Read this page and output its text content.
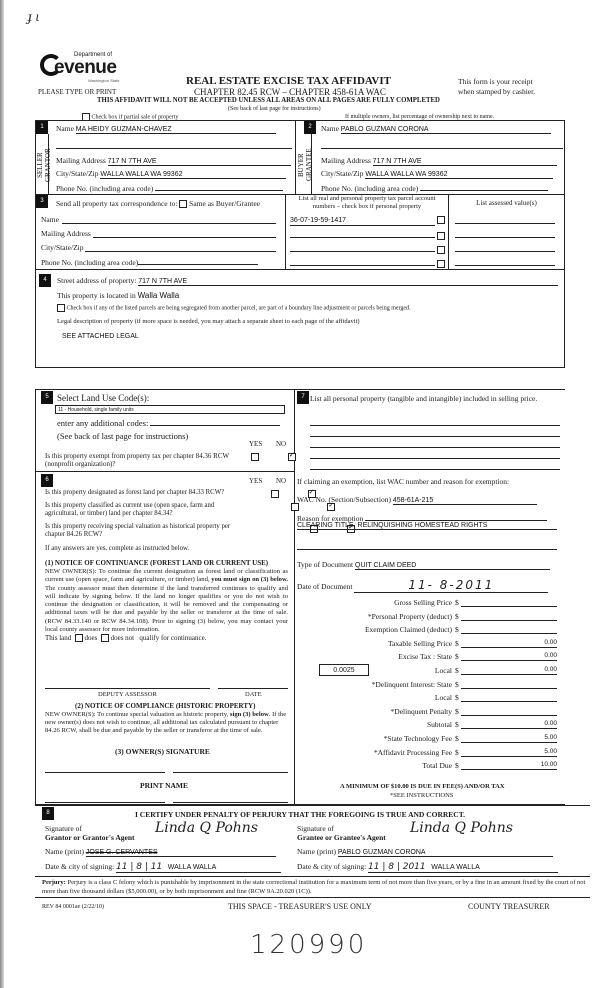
ɟ ɩ
Department of
evenue
Washington State
PLEASE TYPE OR PRINT
REAL ESTATE EXCISE TAX AFFIDAVIT
CHAPTER 82.45 RCW – CHAPTER 458-61A WAC
This form is your receipt
when stamped by cashier.
THIS AFFIDAVIT WILL NOT BE ACCEPTED UNLESS ALL AREAS ON ALL PAGES ARE FULLY COMPLETED
(See back of last page for instructions)
Check box if partial sale of property	If multiple owners, list percentage of ownership next to name.
1
SELLER GRANTOR
Name MA HEIDY GUZMAN-CHAVEZ
Mailing Address 717 N 7TH AVE
City/State/Zip WALLA WALLA WA 99362
Phone No. (including area code)
2
BUYER GRANTEE
Name PABLO GUZMAN CORONA
Mailing Address 717 N 7TH AVE
City/State/Zip WALLA WALLA WA 99362
Phone No. (including area code)
3	Send all property tax correspondence to: Same as Buyer/Grantee
Name
Mailing Address
City/State/Zip
Phone No. (including area code)
List all real and personal property tax parcel account numbers – check box if personal property	List assessed value(s)
36-07-19-59-1417

4	Street address of property: 717 N 7TH AVE
This property is located in Walla Walla
Check box if any of the listed parcels are being segregated from another parcel, are part of a boundary line adjustment or parcels being merged.
Legal description of property (if more space is needed, you may attach a separate sheet to each page of the affidavit)
SEE ATTACHED LEGAL
5 Select Land Use Code(s):
11 - Household, single family units
enter any additional codes:
(See back of last page for instructions)
YES NO
Is this property exempt from property tax per chapter 84.36 RCW (nonprofit organization)?
✓
6	YES NO
Is this property designated as forest land per chapter 84.33 RCW?
✓
Is this property classified as current use (open space, farm and agricultural, or timber) land per chapter 84.34?
✓
Is this property receiving special valuation as historical property per chapter 84.26 RCW?
✓
If any answers are yes, complete as instructed below.
(1) NOTICE OF CONTINUANCE (FOREST LAND OR CURRENT USE)
NEW OWNER(S): To continue the current designation as forest land or classification as current use (open space, farm and agriculture, or timber) land, you must sign on (3) below. The county assessor must then determine if the land transferred continues to qualify and will indicate by signing below. If the land no longer qualifies or you do not wish to continue the designation or classification, it will be removed and the compensating or additional taxes will be due and payable by the seller or transferor at the time of sale. (RCW 84.33.140 or RCW 84.34.108). Prior to signing (3) below, you may contact your local county assessor for more information.
This land does does not qualify for continuance.
DEPUTY ASSESSOR	DATE
(2) NOTICE OF COMPLIANCE (HISTORIC PROPERTY)
NEW OWNER(S): To continue special valuation as historic property, sign (3) below. If the new owner(s) does not wish to continue, all additional tax calculated pursuant to chapter 84.26 RCW, shall be due and payable by the seller or transferor at the time of sale.
(3) OWNER(S) SIGNATURE
PRINT NAME
7 List all personal property (tangible and intangible) included in selling price.
If claiming an exemption, list WAC number and reason for exemption:
WAC No. (Section/Subsection) 458-61A-215
Reason for exemption
CLEARING TITLE, RELINQUISHING HOMESTEAD RIGHTS
Type of Document QUIT CLAIM DEED
Date of Document	11- 8-2011
Gross Selling Price $
*Personal Property (deduct) $
Exemption Claimed (deduct) $
Taxable Selling Price $	0.00
Excise Tax : State $	0.00
Local $	0.00
*Delinquent Interest: State $
Local $
*Delinquent Penalty $
Subtotal $	0.00
*State Technology Fee $	5.00
*Affidavit Processing Fee $	5.00
Total Due $	10.00
0.0025
A MINIMUM OF $10.00 IS DUE IN FEE(S) AND/OR TAX
*SEE INSTRUCTIONS
8	I CERTIFY UNDER PENALTY OF PERJURY THAT THE FOREGOING IS TRUE AND CORRECT.
Signature of
Grantor or Grantor's Agent
Linda Q Pohns
Name (print) JOSE G. CERVANTES
Date & city of signing: 11 | 8 | 11 WALLA WALLA
Signature of
Grantee or Grantee's Agent
Linda Q Pohns
Name (print) PABLO GUZMAN CORONA
Date & city of signing: 11 | 8 | 2011 WALLA WALLA
Perjury: Perjury is a class C felony which is punishable by imprisonment in the state correctional institution for a maximum term of not more than five years, or by a fine in an amount fixed by the court of not more than five thousand dollars ($5,000.00), or by both imprisonment and fine (RCW 9A.20.020 (1C)).
REV 84 0001ae (2/22/10)	THIS SPACE - TREASURER'S USE ONLY	COUNTY TREASURER
120990
